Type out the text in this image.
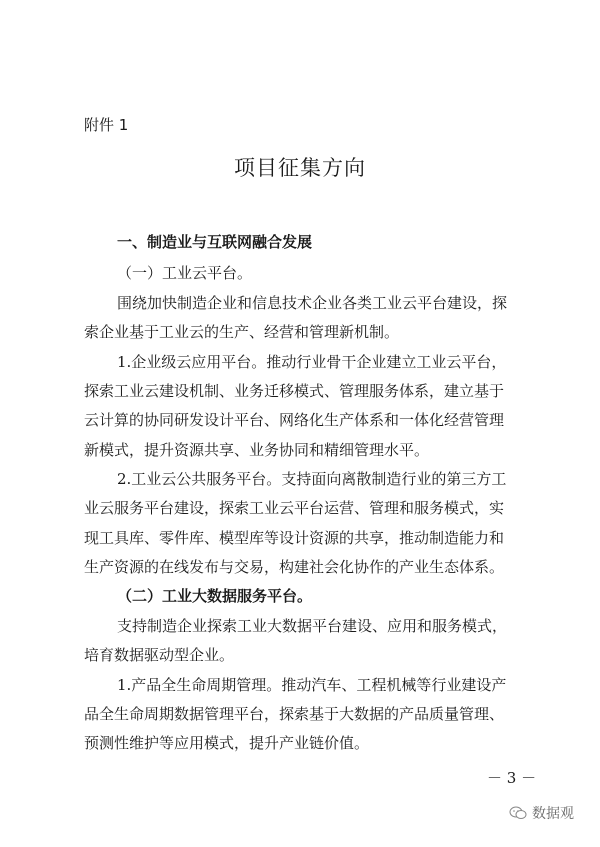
附件 1
项目征集方向
一、制造业与互联网融合发展
（一）工业云平台。
围绕加快制造企业和信息技术企业各类工业云平台建设，探
索企业基于工业云的生产、经营和管理新机制。
1.企业级云应用平台。推动行业骨干企业建立工业云平台，
探索工业云建设机制、业务迁移模式、管理服务体系，建立基于
云计算的协同研发设计平台、网络化生产体系和一体化经营管理
新模式，提升资源共享、业务协同和精细管理水平。
2.工业云公共服务平台。支持面向离散制造行业的第三方工
业云服务平台建设，探索工业云平台运营、管理和服务模式，实
现工具库、零件库、模型库等设计资源的共享，推动制造能力和
生产资源的在线发布与交易，构建社会化协作的产业生态体系。
（二）工业大数据服务平台。
支持制造企业探索工业大数据平台建设、应用和服务模式，
培育数据驱动型企业。
1.产品全生命周期管理。推动汽车、工程机械等行业建设产
品全生命周期数据管理平台，探索基于大数据的产品质量管理、
预测性维护等应用模式，提升产业链价值。
－ 3 －
数据观
